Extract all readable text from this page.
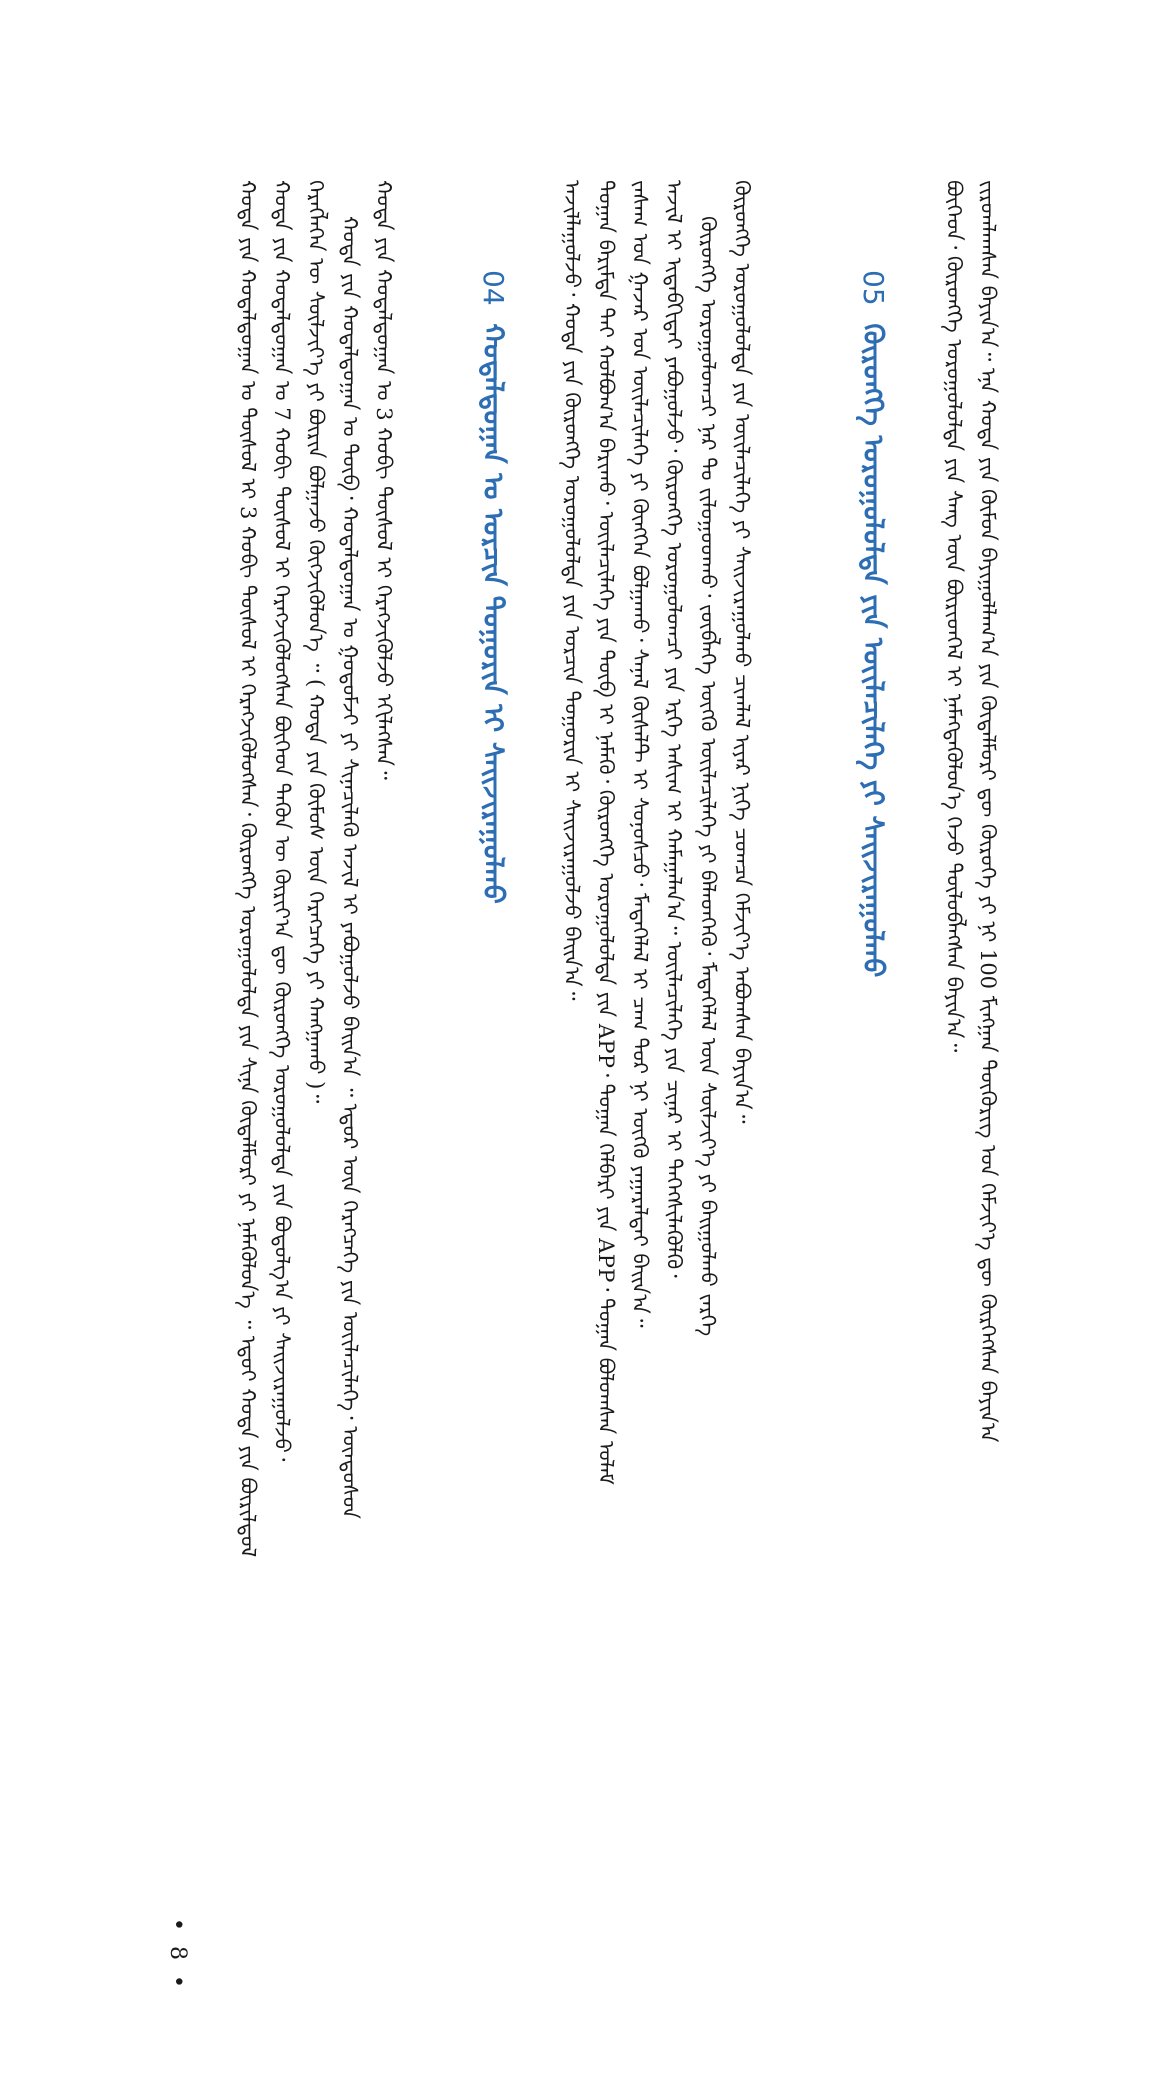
ᠵᠢᠷᠤᠭᠯᠠᠭᠰᠠᠨ ᠪᠠᠶᠢᠨ᠎ᠠ᠃ ᠡᠨᠡ ᠬᠣᠲᠠ ᠶᠢᠨ ᠬᠦᠮᠦᠨ ᠪᠠᠶᠢᠭᠤᠯᠯᠠᠭ᠎ᠠ ᠶᠢᠨ ᠬᠦᠳᠡᠯᠮᠦᠷᠢ ᠳᠦ ᠬᠦᠷᠦᠭᠡ ᠶᠢ ᠨᠢ 100 ᠮᠢᠩᠭᠠᠨ ᠲᠥᠬᠦᠷᠢᠭ ᠤᠨ ᠬᠡᠮᠵᠢᠶ᠎ᠡ ᠳᠦ ᠬᠦᠷᠭᠡᠭᠰᠡᠨ ᠪᠠᠶᠢᠨ᠎ᠠ
ᠪᠥᠭᠡᠳ᠂ ᠬᠥᠷᠥᠩᠭᠡ ᠣᠷᠣᠭᠤᠯᠤᠯᠲᠠ ᠶᠢᠨ ᠰᠠᠩ ᠦᠨ ᠪᠦᠷᠢᠳᠭᠡᠯ ᠢ ᠨᠡᠮᠡᠭᠳᠡᠭᠦᠯᠦᠨ᠎ᠡ ᠭᠡᠵᠦ ᠲᠥᠯᠥᠪᠯᠡᠭᠰᠡᠨ ᠪᠠᠶᠢᠨ᠎ᠠ᠃
05 ᠬᠥᠷᠥᠩᠭᠡ ᠣᠷᠣᠭᠤᠯᠤᠯᠲᠠ ᠶᠢᠨ ᠦᠢᠯᠡᠴᠢᠯᠡᠭᠡ ᠶᠢ ᠰᠠᠢᠵᠢᠷᠠᠭᠤᠯᠬᠤ
ᠬᠥᠷᠥᠩᠭᠡ ᠣᠷᠣᠭᠤᠯᠤᠯᠲᠠ ᠶᠢᠨ ᠦᠢᠯᠡᠴᠢᠯᠡᠭᠡ ᠶᠢ ᠰᠠᠢᠵᠢᠷᠠᠭᠤᠯᠬᠤ ᠴᠢᠭᠯᠠᠯ ᠢᠶᠡᠷ ᠨᠢᠭᠡ ᠴᠣᠭᠴᠠ ᠬᠡᠮᠵᠢᠶ᠎ᠡ ᠠᠪᠤᠭᠰᠠᠨ ᠪᠠᠶᠢᠨ᠎ᠠ᠃
ᠬᠥᠷᠥᠩᠭᠡ ᠣᠷᠣᠭᠤᠯᠤᠭᠴᠢ ᠨᠠᠷ ᠲᠤ ᠵᠢᠯᠤᠭᠤᠳᠬᠤ᠂ ᠵᠥᠪᠯᠡᠭᠡ ᠥᠭᠬᠦ ᠦᠢᠯᠡᠴᠢᠯᠡᠭᠡ ᠶᠢ ᠪᠡᠯᠡᠳᠬᠡᠬᠦ᠂ ᠮᠡᠳᠡᠭᠡᠯᠡᠯ ᠦᠨ ᠰᠦᠯᠵᠢᠶ᠎ᠡ ᠶᠢ ᠪᠠᠢᠭᠤᠯᠬᠤ ᠵᠡᠷᠭᠡ
ᠠᠵᠢᠯ ᠢ ᠢᠳᠡᠪᠬᠢᠲᠡᠢ ᠶᠠᠪᠤᠭᠤᠯᠵᠤ᠂ ᠬᠥᠷᠥᠩᠭᠡ ᠣᠷᠣᠭᠤᠯᠤᠭᠴᠢ ᠶᠢᠨ ᠡᠷᠬᠡ ᠠᠰᠢᠭ ᠢ ᠬᠠᠮᠠᠭᠠᠯᠠᠨ᠎ᠠ᠃ ᠦᠢᠯᠡᠴᠢᠯᠡᠭᠡ ᠶᠢᠨ ᠴᠢᠨᠠᠷ ᠢ ᠳᠡᠭᠡᠭᠰᠢᠯᠡᠭᠦᠯᠬᠦ᠂
ᠵᠠᠰᠠᠭ ᠤᠨ ᠭᠠᠵᠠᠷ ᠤᠨ ᠦᠢᠯᠡᠴᠢᠯᠡᠭᠡ ᠶᠢ ᠬᠥᠩᠭᠡᠨ ᠪᠣᠯᠭᠠᠬᠤ᠂ ᠰᠠᠨᠠᠯ ᠬᠦᠰᠡᠯᠲ ᠢ ᠰᠣᠨᠣᠰᠴᠤ᠂ ᠮᠡᠳᠡᠭᠡᠯᠡᠯ ᠢ ᠴᠠᠭ ᠲᠤᠷ ᠨᠢ ᠦᠭᠬᠦ ᠶᠠᠭᠠᠷᠠᠯᠲᠠᠢ ᠪᠠᠢᠨ᠎ᠠ᠃
ᠲᠣᠭᠠᠨ ᠪᠠᠷᠢᠮᠲᠠ ᠲᠠᠢ ᠬᠣᠯᠪᠣᠭ᠎ᠠ ᠪᠠᠷᠢᠬᠤ᠂ ᠦᠢᠯᠡᠴᠢᠯᠡᠭᠡ ᠶᠢᠨ ᠲᠥᠪ ᠢ ᠨᠡᠮᠡᠬᠦ᠂ ᠬᠥᠷᠥᠩᠭᠡ ᠣᠷᠣᠭᠤᠯᠤᠯᠲᠠ ᠶᠢᠨ APP᠂ ᠲᠣᠭᠠᠨ ᠬᠡᠯᠪᠡᠷᠢ ᠶᠢᠨ APP᠂ ᠲᠣᠭᠠᠨ ᠪᠣᠯᠤᠭᠰᠠᠨ ᠤᠯᠠᠮ
ᠠᠵᠢᠯᠯᠠᠭᠤᠯᠵᠤ᠂ ᠬᠣᠲᠠ ᠶᠢᠨ ᠬᠥᠷᠥᠩᠭᠡ ᠣᠷᠣᠭᠤᠯᠤᠯᠲᠠ ᠶᠢᠨ ᠣᠷᠴᠢᠨ ᠲᠣᠭᠣᠷᠢᠨ ᠢ ᠰᠠᠢᠵᠢᠷᠠᠭᠤᠯᠵᠤ ᠪᠠᠢᠨ᠎ᠠ᠃
04 ᠬᠣᠳᠠᠯᠳᠤᠭᠠᠨ ᠤ ᠣᠷᠴᠢᠨ ᠲᠣᠭᠣᠷᠢᠨ ᠢ ᠰᠠᠢᠵᠢᠷᠠᠭᠤᠯᠬᠤ
ᠬᠣᠲᠠ ᠶᠢᠨ ᠬᠣᠳᠠᠯᠳᠤᠭᠠᠨ ᠤ 3 ᠬᠣᠪᠢ ᠲᠥᠰᠥᠯ ᠢ ᠬᠡᠷᠡᠭᠵᠢᠭᠦᠯᠵᠦ ᠡᠬᠢᠯᠡᠭᠰᠡᠨ᠃
ᠬᠣᠲᠠ ᠶᠢᠨ ᠬᠣᠳᠠᠯᠳᠤᠭᠠᠨ ᠤ ᠲᠥᠪ᠂ ᠬᠣᠳᠠᠯᠳᠤᠭᠠᠨ ᠤ ᠭᠤᠳᠤᠮᠵᠢ ᠶᠢ ᠰᠢᠨᠡᠴᠢᠯᠡᠬᠦ ᠠᠵᠢᠯ ᠢ ᠶᠠᠪᠤᠭᠤᠯᠵᠤ ᠪᠠᠢᠨ᠎ᠠ ᠃ ᠡᠳᠦᠷ ᠦᠨ ᠬᠡᠷᠡᠭᠴᠡᠭᠡ ᠶᠢᠨ ᠦᠢᠯᠡᠴᠢᠯᠡᠭᠡ᠂ ᠦᠨᠳᠦᠰᠦᠨ
ᠬᠡᠷᠡᠭᠯᠡᠭᠡᠨ ᠦ ᠰᠦᠯᠵᠢᠶ᠎ᠡ ᠶᠢ ᠪᠦᠷᠢᠨ ᠪᠣᠯᠭᠠᠵᠤ ᠬᠥᠭᠵᠢᠭᠦᠯᠦᠨ᠎ᠡ ᠃ ( ᠬᠣᠲᠠ ᠶᠢᠨ ᠬᠦᠮᠦᠰ ᠦᠨ ᠬᠡᠷᠡᠭᠴᠡᠭᠡ ᠶᠢ ᠬᠠᠩᠭᠠᠬᠤ )᠃
ᠬᠣᠲᠠ ᠶᠢᠨ ᠬᠣᠳᠠᠯᠳᠤᠭᠠᠨ ᠤ 7 ᠬᠣᠪᠢ ᠲᠥᠰᠥᠯ ᠢ ᠬᠡᠷᠡᠭᠵᠢᠭᠦᠯᠦᠭᠰᠡᠨ ᠪᠥᠭᠡᠳ ᠲᠡᠭᠦᠨ ᠦ ᠬᠦᠷᠢᠶ᠎ᠡᠨ ᠳᠦ ᠬᠥᠷᠥᠩᠭᠡ ᠣᠷᠣᠭᠤᠯᠤᠯᠲᠠ ᠶᠢᠨ ᠪᠣᠳᠣᠯᠭ᠎ᠠ ᠶᠢ ᠰᠠᠢᠵᠢᠷᠠᠭᠤᠯᠵᠤ᠂
ᠬᠣᠲᠠ ᠶᠢᠨ ᠬᠣᠳᠠᠯᠳᠤᠭᠠᠨ ᠤ ᠲᠥᠰᠥᠯ ᠢ 3 ᠬᠣᠪᠢ ᠲᠥᠰᠥᠯ ᠢ ᠬᠡᠷᠡᠭᠵᠢᠭᠦᠯᠦᠭᠰᠡᠨ᠂ ᠬᠥᠷᠥᠩᠭᠡ ᠣᠷᠣᠭᠤᠯᠤᠯᠲᠠ ᠶᠢᠨ ᠰᠢᠨᠡ ᠬᠥᠳᠡᠯᠮᠦᠷᠢ ᠶᠢ ᠨᠡᠮᠡᠭᠦᠯᠦᠨ᠎ᠡ ᠃ ᠡᠳᠦᠢ ᠬᠣᠲᠠ ᠶᠢᠨ ᠪᠦᠷᠢᠯᠳᠦᠯ
• 8 •
